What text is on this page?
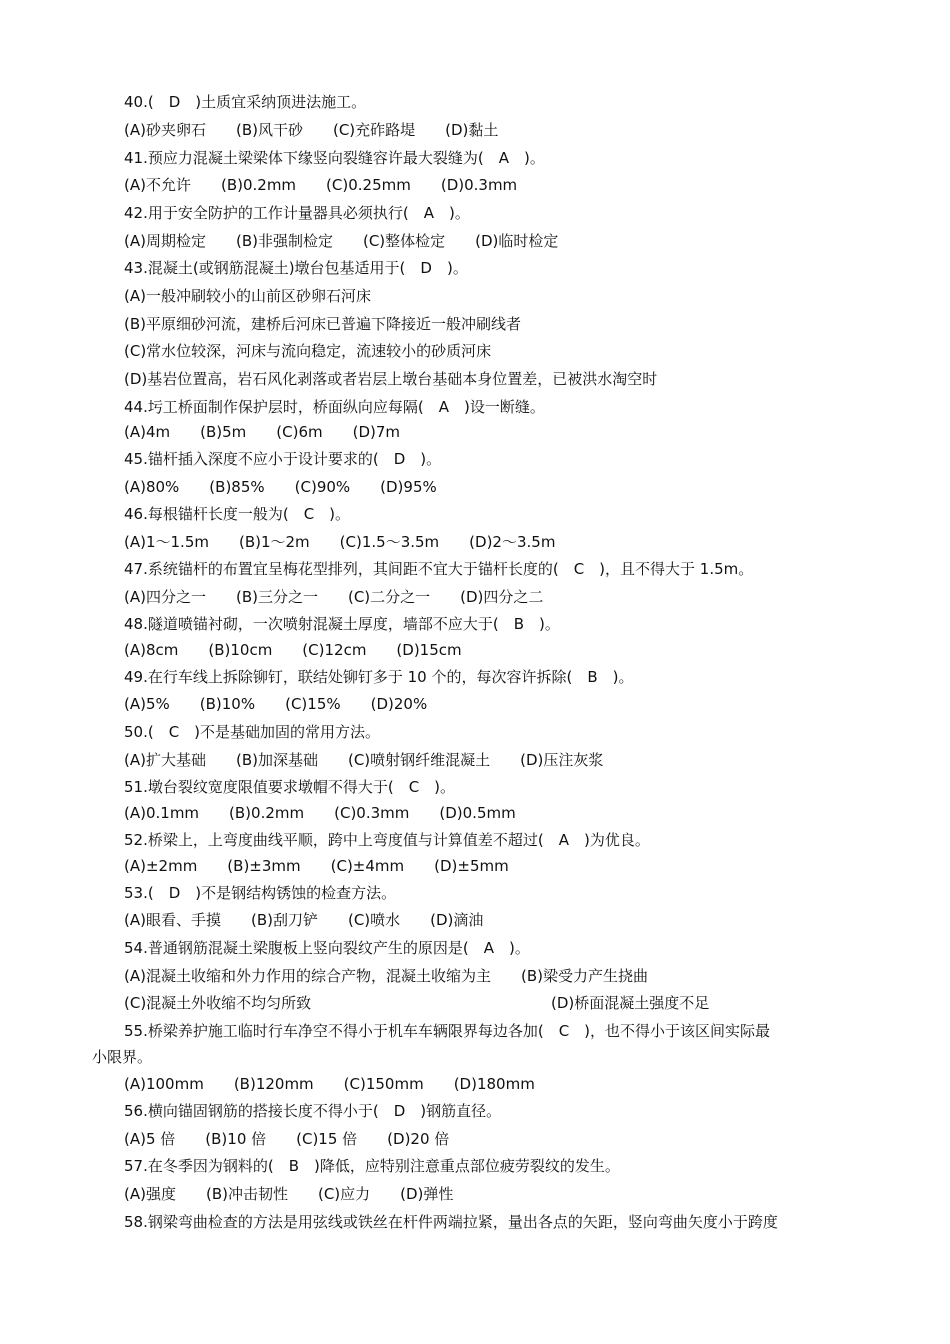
40.(  D  )土质宜采纳顶进法施工。
(A)砂夹卵石　　(B)风干砂　　(C)充砟路堤　　(D)黏土
41.预应力混凝土梁梁体下缘竖向裂缝容许最大裂缝为(  A  )。
(A)不允许　　(B)0.2mm　　(C)0.25mm　　(D)0.3mm
42.用于安全防护的工作计量器具必须执行(  A  )。
(A)周期检定　　(B)非强制检定　　(C)整体检定　　(D)临时检定
43.混凝土(或钢筋混凝土)墩台包基适用于(  D  )。
(A)一般冲刷较小的山前区砂卵石河床
(B)平原细砂河流，建桥后河床已普遍下降接近一般冲刷线者
(C)常水位较深，河床与流向稳定，流速较小的砂质河床
(D)基岩位置高，岩石风化剥落或者岩层上墩台基础本身位置差，已被洪水淘空时
44.圬工桥面制作保护层时，桥面纵向应每隔(  A  )设一断缝。
(A)4m　　(B)5m　　(C)6m　　(D)7m
45.锚杆插入深度不应小于设计要求的(  D  )。
(A)80%　　(B)85%　　(C)90%　　(D)95%
46.每根锚杆长度一般为(  C  )。
(A)1～1.5m　　(B)1～2m　　(C)1.5～3.5m　　(D)2～3.5m
47.系统锚杆的布置宜呈梅花型排列，其间距不宜大于锚杆长度的(  C  )，且不得大于 1.5m。
(A)四分之一　　(B)三分之一　　(C)二分之一　　(D)四分之二
48.隧道喷锚衬砌，一次喷射混凝土厚度，墙部不应大于(  B  )。
(A)8cm　　(B)10cm　　(C)12cm　　(D)15cm
49.在行车线上拆除铆钉，联结处铆钉多于 10 个的，每次容许拆除(  B  )。
(A)5%　　(B)10%　　(C)15%　　(D)20%
50.(  C  )不是基础加固的常用方法。
(A)扩大基础　　(B)加深基础　　(C)喷射钢纤维混凝土　　(D)压注灰浆
51.墩台裂纹宽度限值要求墩帽不得大于(  C  )。
(A)0.1mm　　(B)0.2mm　　(C)0.3mm　　(D)0.5mm
52.桥梁上，上弯度曲线平顺，跨中上弯度值与计算值差不超过(  A  )为优良。
(A)±2mm　　(B)±3mm　　(C)±4mm　　(D)±5mm
53.(  D  )不是钢结构锈蚀的检查方法。
(A)眼看、手摸　　(B)刮刀铲　　(C)喷水　　(D)滴油
54.普通钢筋混凝土梁腹板上竖向裂纹产生的原因是(  A  )。
(A)混凝土收缩和外力作用的综合产物，混凝土收缩为主　　(B)梁受力产生挠曲
(C)混凝土外收缩不均匀所致	(D)桥面混凝土强度不足
55.桥梁养护施工临时行车净空不得小于机车车辆限界每边各加(  C  )，也不得小于该区间实际最
小限界。
(A)100mm　　(B)120mm　　(C)150mm　　(D)180mm
56.横向锚固钢筋的搭接长度不得小于(  D  )钢筋直径。
(A)5 倍　　(B)10 倍　　(C)15 倍　　(D)20 倍
57.在冬季因为钢料的(  B  )降低，应特别注意重点部位疲劳裂纹的发生。
(A)强度　　(B)冲击韧性　　(C)应力　　(D)弹性
58.钢梁弯曲检查的方法是用弦线或铁丝在杆件两端拉紧，量出各点的矢距，竖向弯曲矢度小于跨度
